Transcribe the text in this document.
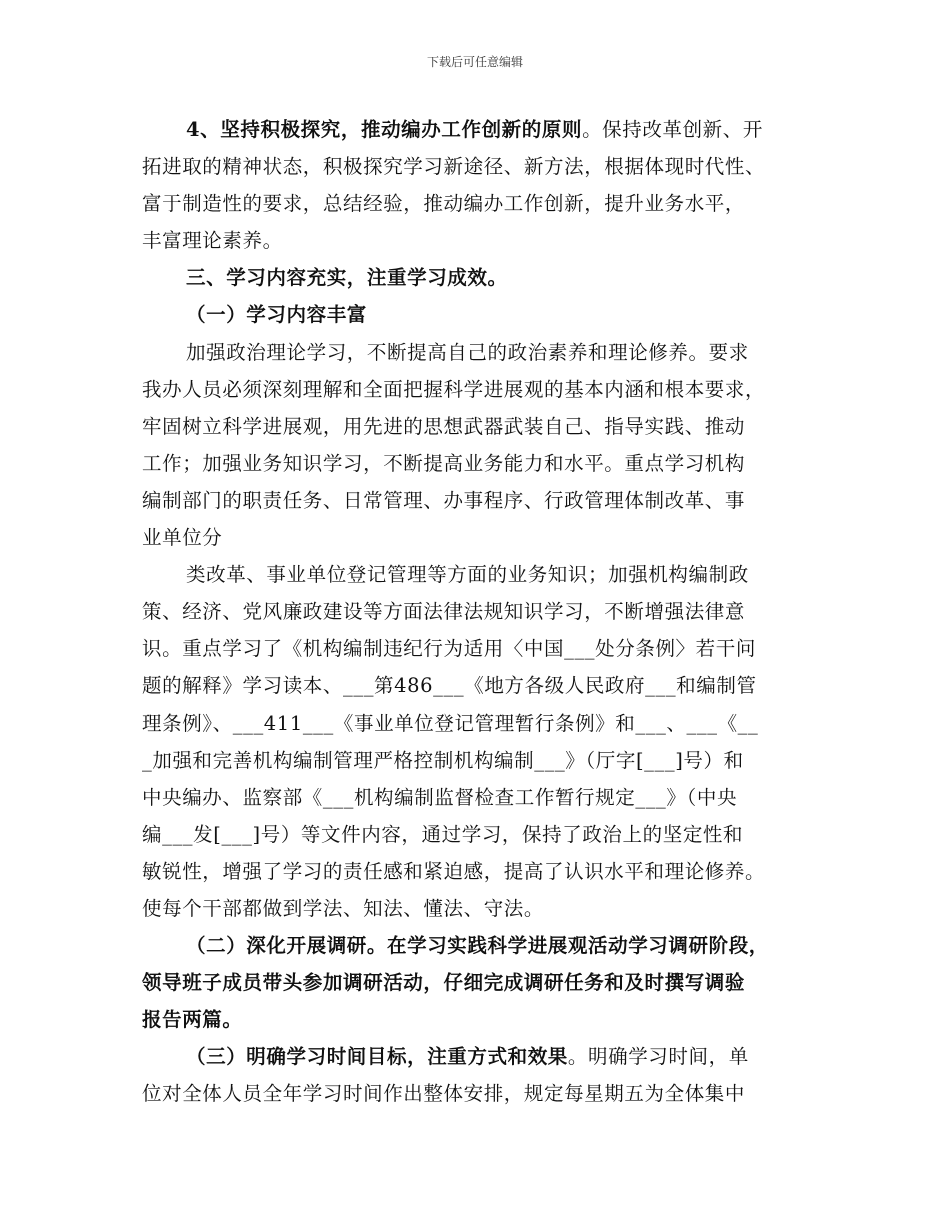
下载后可任意编辑
4、坚持积极探究，推动编办工作创新的原则。保持改革创新、开
拓进取的精神状态，积极探究学习新途径、新方法，根据体现时代性、
富于制造性的要求，总结经验，推动编办工作创新，提升业务水平，
丰富理论素养。
三、学习内容充实，注重学习成效。
（一）学习内容丰富
加强政治理论学习，不断提高自己的政治素养和理论修养。要求
我办人员必须深刻理解和全面把握科学进展观的基本内涵和根本要求，
牢固树立科学进展观，用先进的思想武器武装自己、指导实践、推动
工作；加强业务知识学习，不断提高业务能力和水平。重点学习机构
编制部门的职责任务、日常管理、办事程序、行政管理体制改革、事
业单位分
类改革、事业单位登记管理等方面的业务知识；加强机构编制政
策、经济、党风廉政建设等方面法律法规知识学习，不断增强法律意
识。重点学习了《机构编制违纪行为适用〈中国___处分条例〉若干问
题的解释》学习读本、___第486___《地方各级人民政府___和编制管
理条例》、___411___《事业单位登记管理暂行条例》和___、___《__
_加强和完善机构编制管理严格控制机构编制___》（厅字[___]号）和
中央编办、监察部《___机构编制监督检查工作暂行规定___》（中央
编___发[___]号）等文件内容，通过学习，保持了政治上的坚定性和
敏锐性，增强了学习的责任感和紧迫感，提高了认识水平和理论修养。
使每个干部都做到学法、知法、懂法、守法。
（二）深化开展调研。在学习实践科学进展观活动学习调研阶段，
领导班子成员带头参加调研活动，仔细完成调研任务和及时撰写调验
报告两篇。
（三）明确学习时间目标，注重方式和效果。明确学习时间，单
位对全体人员全年学习时间作出整体安排，规定每星期五为全体集中
